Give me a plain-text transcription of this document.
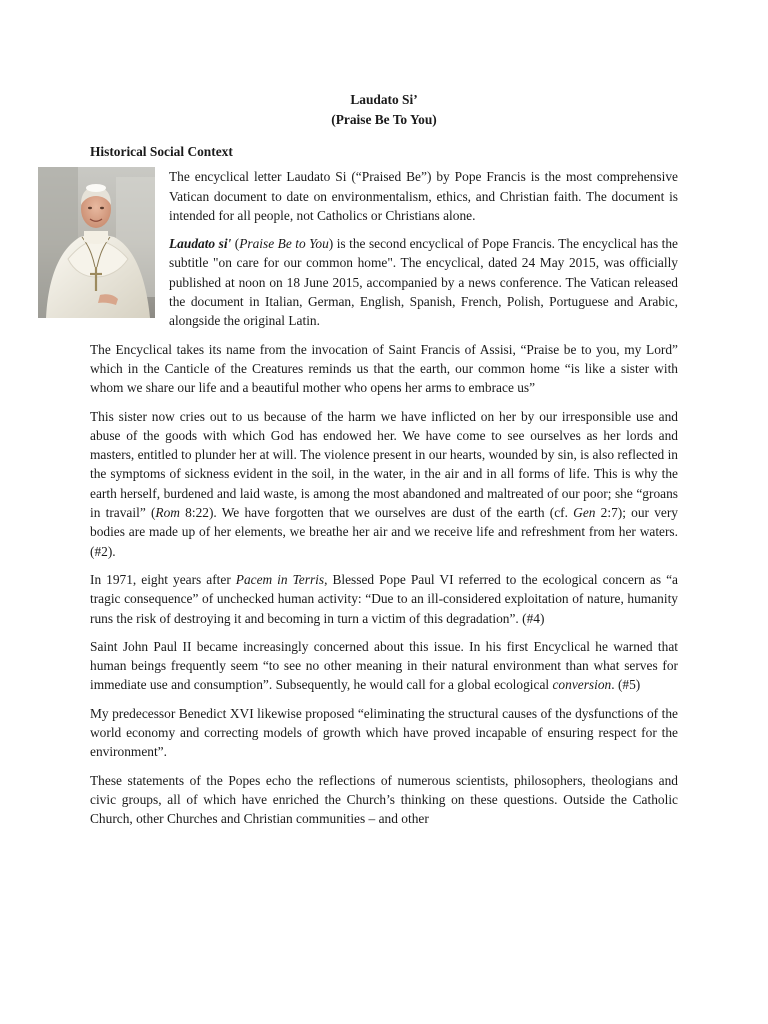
Laudato Si’
(Praise Be To You)
Historical Social Context

The encyclical letter Laudato Si (“Praised Be”) by Pope Francis is the most comprehensive Vatican document to date on environmentalism, ethics, and Christian faith. The document is intended for all people, not Catholics or Christians alone.

Laudato si' (Praise Be to You) is the second encyclical of Pope Francis. The encyclical has the subtitle "on care for our common home". The encyclical, dated 24 May 2015, was officially published at noon on 18 June 2015, accompanied by a news conference. The Vatican released the document in Italian, German, English, Spanish, French, Polish, Portuguese and Arabic, alongside the original Latin.

The Encyclical takes its name from the invocation of Saint Francis of Assisi, “Praise be to you, my Lord” which in the Canticle of the Creatures reminds us that the earth, our common home “is like a sister with whom we share our life and a beautiful mother who opens her arms to embrace us”

This sister now cries out to us because of the harm we have inflicted on her by our irresponsible use and abuse of the goods with which God has endowed her. We have come to see ourselves as her lords and masters, entitled to plunder her at will. The violence present in our hearts, wounded by sin, is also reflected in the symptoms of sickness evident in the soil, in the water, in the air and in all forms of life. This is why the earth herself, burdened and laid waste, is among the most abandoned and maltreated of our poor; she “groans in travail” (Rom 8:22). We have forgotten that we ourselves are dust of the earth (cf. Gen 2:7); our very bodies are made up of her elements, we breathe her air and we receive life and refreshment from her waters. (#2).

In 1971, eight years after Pacem in Terris, Blessed Pope Paul VI referred to the ecological concern as “a tragic consequence” of unchecked human activity: “Due to an ill-considered exploitation of nature, humanity runs the risk of destroying it and becoming in turn a victim of this degradation”. (#4)

Saint John Paul II became increasingly concerned about this issue. In his first Encyclical he warned that human beings frequently seem “to see no other meaning in their natural environment than what serves for immediate use and consumption”. Subsequently, he would call for a global ecological conversion. (#5)

My predecessor Benedict XVI likewise proposed “eliminating the structural causes of the dysfunctions of the world economy and correcting models of growth which have proved incapable of ensuring respect for the environment”.

These statements of the Popes echo the reflections of numerous scientists, philosophers, theologians and civic groups, all of which have enriched the Church’s thinking on these questions. Outside the Catholic Church, other Churches and Christian communities – and other
